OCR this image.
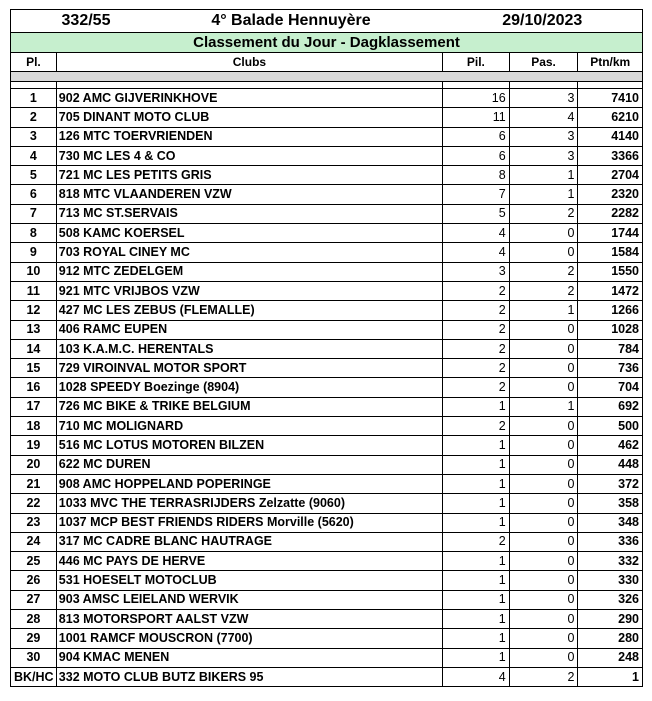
332/55 4° Balade Hennuyère		29/10/2023		
Classement du Jour - Dagklassement				
Pl.	Clubs	Pil.	Pas.	Ptn/km

1	902 AMC GIJVERINKHOVE	16	3	7410
2	705 DINANT MOTO CLUB	11	4	6210
3	126 MTC TOERVRIENDEN	6	3	4140
4	730 MC LES 4 & CO	6	3	3366
5	721 MC LES PETITS GRIS	8	1	2704
6	818 MTC VLAANDEREN VZW	7	1	2320
7	713 MC ST.SERVAIS	5	2	2282
8	508 KAMC KOERSEL	4	0	1744
9	703 ROYAL CINEY MC	4	0	1584
10	912 MTC ZEDELGEM	3	2	1550
11	921 MTC VRIJBOS VZW	2	2	1472
12	427 MC LES ZEBUS (FLEMALLE)	2	1	1266
13	406 RAMC EUPEN	2	0	1028
14	103 K.A.M.C. HERENTALS	2	0	784
15	729 VIROINVAL MOTOR SPORT	2	0	736
16	1028 SPEEDY Boezinge (8904)	2	0	704
17	726 MC BIKE & TRIKE BELGIUM	1	1	692
18	710 MC MOLIGNARD	2	0	500
19	516 MC LOTUS MOTOREN BILZEN	1	0	462
20	622 MC DUREN	1	0	448
21	908 AMC HOPPELAND POPERINGE	1	0	372
22	1033 MVC THE TERRASRIJDERS Zelzatte (9060)	1	0	358
23	1037 MCP BEST FRIENDS RIDERS Morville (5620)	1	0	348
24	317 MC CADRE BLANC HAUTRAGE	2	0	336
25	446 MC PAYS DE HERVE	1	0	332
26	531 HOESELT MOTOCLUB	1	0	330
27	903 AMSC LEIELAND WERVIK	1	0	326
28	813 MOTORSPORT AALST VZW	1	0	290
29	1001 RAMCF MOUSCRON (7700)	1	0	280
30	904 KMAC MENEN	1	0	248
BK/HC	332 MOTO CLUB BUTZ BIKERS 95	4	2	1
